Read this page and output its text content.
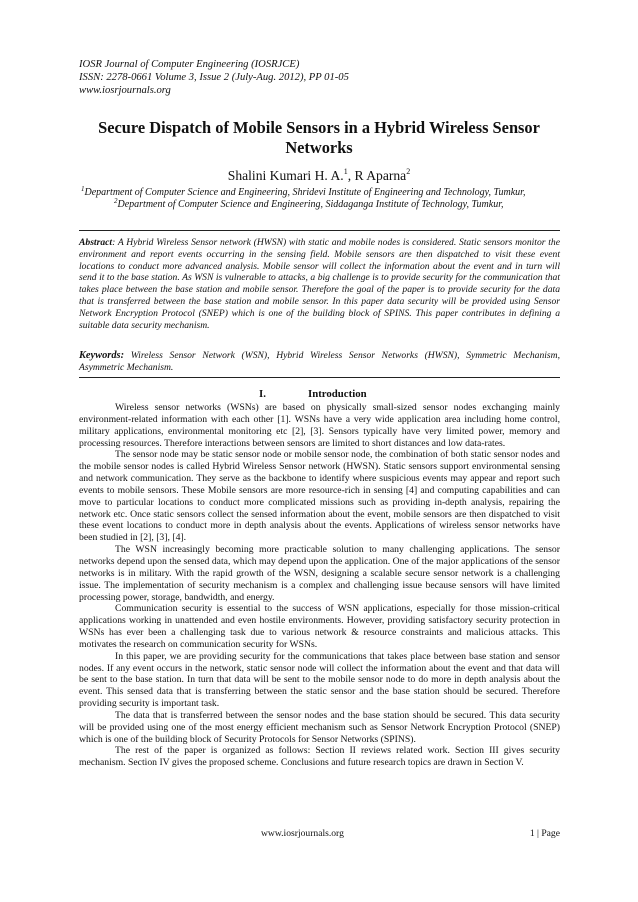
IOSR Journal of Computer Engineering (IOSRJCE)
ISSN: 2278-0661 Volume 3, Issue 2 (July-Aug. 2012), PP 01-05
www.iosrjournals.org
Secure Dispatch of Mobile Sensors in a Hybrid Wireless Sensor
Networks
Shalini Kumari H. A.$^1$, R Aparna$^2$
$^1$Department of Computer Science and Engineering, Shridevi Institute of Engineering and Technology, Tumkur,
$^2$Department of Computer Science and Engineering, Siddaganga Institute of Technology, Tumkur,
Abstract: A Hybrid Wireless Sensor network (HWSN) with static and mobile nodes is considered. Static sensors monitor the environment and report events occurring in the sensing field. Mobile sensors are then dispatched to visit these event locations to conduct more advanced analysis. Mobile sensor will collect the information about the event and in turn will send it to the base station. As WSN is vulnerable to attacks, a big challenge is to provide security for the communication that takes place between the base station and mobile sensor. Therefore the goal of the paper is to provide security for the data that is transferred between the base station and mobile sensor. In this paper data security will be provided using Sensor Network Encryption Protocol (SNEP) which is one of the building block of SPINS. This paper contributes in defining a suitable data security mechanism.
Keywords: Wireless Sensor Network (WSN), Hybrid Wireless Sensor Networks (HWSN), Symmetric Mechanism, Asymmetric Mechanism.
I.	Introduction

Wireless sensor networks (WSNs) are based on physically small-sized sensor nodes exchanging mainly environment-related information with each other [1]. WSNs have a very wide application area including home control, military applications, environmental monitoring etc [2], [3]. Sensors typically have very limited power, memory and processing resources. Therefore interactions between sensors are limited to short distances and low data-rates.

The sensor node may be static sensor node or mobile sensor node, the combination of both static sensor nodes and the mobile sensor nodes is called Hybrid Wireless Sensor network (HWSN). Static sensors support environmental sensing and network communication. They serve as the backbone to identify where suspicious events may appear and report such events to mobile sensors. These Mobile sensors are more resource-rich in sensing [4] and computing capabilities and can move to particular locations to conduct more complicated missions such as providing in-depth analysis, repairing the network etc. Once static sensors collect the sensed information about the event, mobile sensors are then dispatched to visit these event locations to conduct more in depth analysis about the events. Applications of wireless sensor networks have been studied in [2], [3], [4].

The WSN increasingly becoming more practicable solution to many challenging applications. The sensor networks depend upon the sensed data, which may depend upon the application. One of the major applications of the sensor networks is in military. With the rapid growth of the WSN, designing a scalable secure sensor network is a challenging issue. The implementation of security mechanism is a complex and challenging issue because sensors will have limited processing power, storage, bandwidth, and energy.

Communication security is essential to the success of WSN applications, especially for those mission-critical applications working in unattended and even hostile environments. However, providing satisfactory security protection in WSNs has ever been a challenging task due to various network & resource constraints and malicious attacks. This motivates the research on communication security for WSNs.

In this paper, we are providing security for the communications that takes place between base station and sensor nodes. If any event occurs in the network, static sensor node will collect the information about the event and that data will be sent to the base station. In turn that data will be sent to the mobile sensor node to do more in depth analysis about the event. This sensed data that is transferring between the static sensor and the base station should be secured. Therefore providing security is important task.

The data that is transferred between the sensor nodes and the base station should be secured. This data security will be provided using one of the most energy efficient mechanism such as Sensor Network Encryption Protocol (SNEP) which is one of the building block of Security Protocols for Sensor Networks (SPINS).

The rest of the paper is organized as follows: Section II reviews related work. Section III gives security mechanism. Section IV gives the proposed scheme. Conclusions and future research topics are drawn in Section V.

www.iosrjournals.org	1 | Page
